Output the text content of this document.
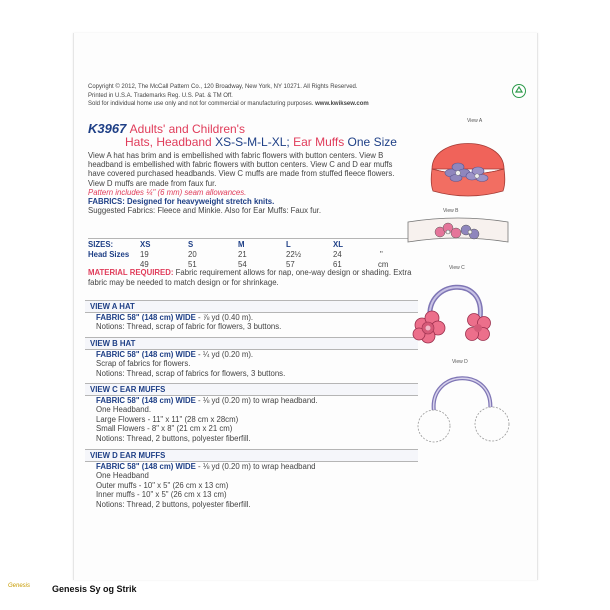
Copyright © 2012, The McCall Pattern Co., 120 Broadway, New York, NY 10271. All Rights Reserved.
Printed in U.S.A. Trademarks Reg. U.S. Pat. & TM Off.
Sold for individual home use only and not for commercial or manufacturing purposes. www.kwiksew.com
K3967 Adults' and Children's
Hats, Headband XS-S-M-L-XL; Ear Muffs One Size
View A hat has brim and is embellished with fabric flowers with button centers. View B headband is embellished with fabric flowers with button centers. View C and D ear muffs have covered purchased headbands. View C muffs are made from stuffed fleece flowers. View D muffs are made from faux fur.
Pattern includes ¼" (6 mm) seam allowances.
FABRICS: Designed for heavyweight stretch knits.
Suggested Fabrics: Fleece and Minkie. Also for Ear Muffs: Faux fur.
SIZES:	XS	S	M	L	XL
Head Sizes 19	20	21	22½	24	"
49	51	54	57	61	cm
MATERIAL REQUIRED: Fabric requirement allows for nap, one-way design or shading. Extra fabric may be needed to match design or for shrinkage.
VIEW A HAT
FABRIC 58" (148 cm) WIDE - ⅞ yd (0.40 m).
Notions: Thread, scrap of fabric for flowers, 3 buttons.
VIEW B HAT
FABRIC 58" (148 cm) WIDE - ¼ yd (0.20 m).
Scrap of fabrics for flowers.
Notions: Thread, scrap of fabrics for flowers, 3 buttons.
VIEW C EAR MUFFS
FABRIC 58" (148 cm) WIDE - ⅛ yd (0.20 m) to wrap headband.
One Headband.
Large Flowers - 11" x 11" (28 cm x 28cm)
Small Flowers - 8" x 8" (21 cm x 21 cm)
Notions: Thread, 2 buttons, polyester fiberfill.
VIEW D EAR MUFFS
FABRIC 58" (148 cm) WIDE - ⅛ yd (0.20 m) to wrap headband
One Headband
Outer muffs - 10" x 5" (26 cm x 13 cm)
Inner muffs - 10" x 5" (26 cm x 13 cm)
Notions: Thread, 2 buttons, polyester fiberfill.
View A
View B
View C
View D
Genesis Genesis Sy og Strik
